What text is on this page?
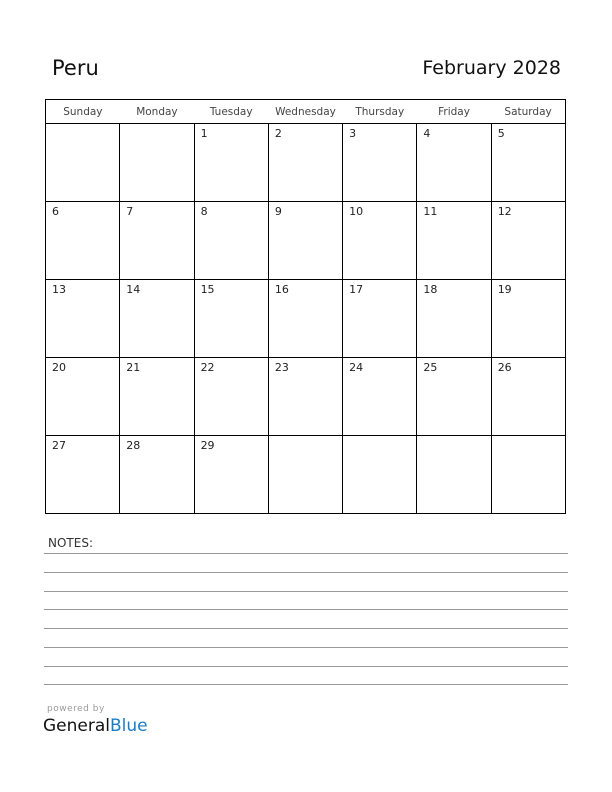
Peru	February 2028
Sunday	Monday	Tuesday	Wednesday	Thursday	Friday	Saturday

		1	2	3	4	5

6	7	8	9	10	11	12

13	14	15	16	17	18	19

20	21	22	23	24	25	26

27	28	29				

NOTES:
powered by
GeneralBlue
